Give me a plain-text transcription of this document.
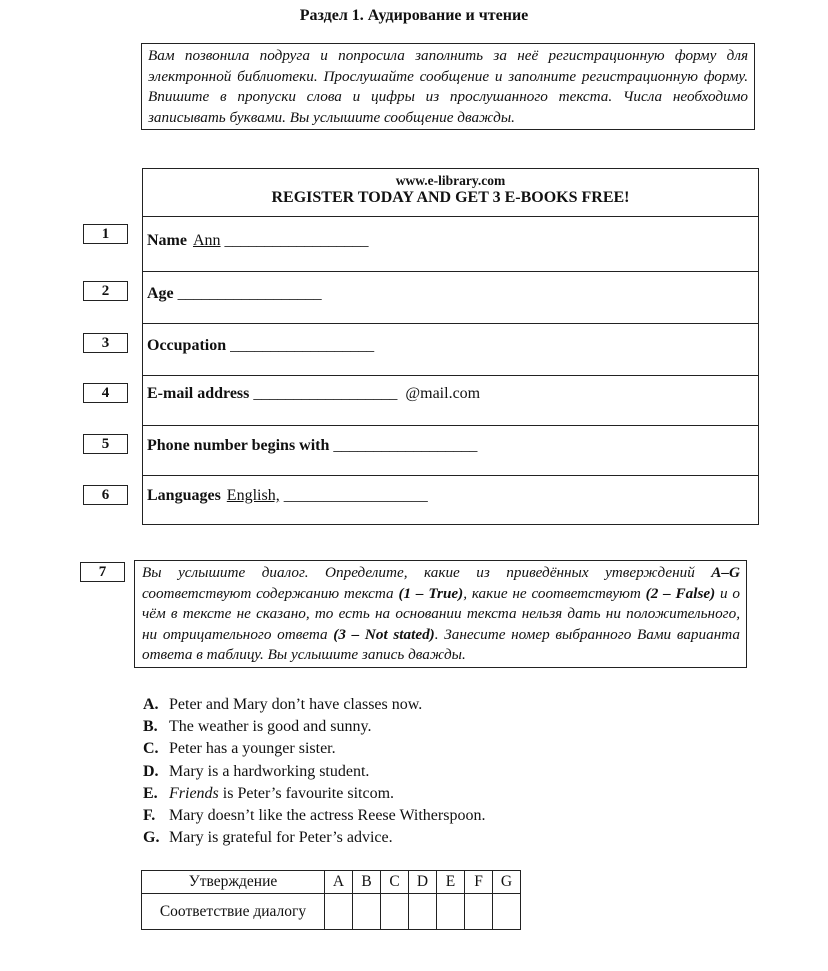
Раздел 1. Аудирование и чтение
Вам позвонила подруга и попросила заполнить за неё регистрационную форму для электронной библиотеки. Прослушайте сообщение и заполните регистрационную форму. Впишите в пропуски слова и цифры из прослушанного текста. Числа необходимо записывать буквами. Вы услышите сообщение дважды.
www.e-library.com
REGISTER TODAY AND GET 3 E-BOOKS FREE!
Name Ann __________________
Age __________________
Occupation __________________
E-mail address __________________ @mail.com
Phone number begins with __________________
Languages English, __________________
1
2
3
4
5
6
7	Вы услышите диалог. Определите, какие из приведённых утверждений A–G соответствуют содержанию текста (1 – True), какие не соответствуют (2 – False) и о чём в тексте не сказано, то есть на основании текста нельзя дать ни положительного, ни отрицательного ответа (3 – Not stated). Занесите номер выбранного Вами варианта ответа в таблицу. Вы услышите запись дважды.
A. Peter and Mary don’t have classes now.
B. The weather is good and sunny.
C. Peter has a younger sister.
D. Mary is a hardworking student.
E. Friends is Peter’s favourite sitcom.
F. Mary doesn’t like the actress Reese Witherspoon.
G. Mary is grateful for Peter’s advice.
Утверждение	A	B	C	D	E	F	G
Соответствие диалогу							
